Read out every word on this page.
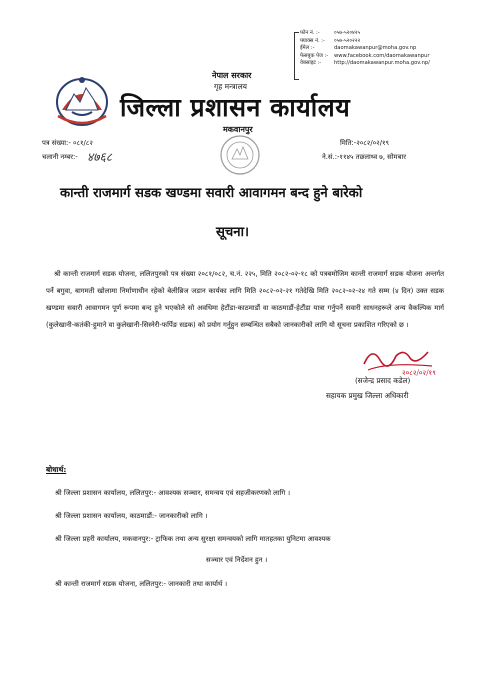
फोन नं. :-	०५७-५२०४२५
फ्याक्स नं. :- ०५७-५२०२२२
ईमेल :-	daomakawanpur@moha.gov.np
फेसबुक पेज :- www.facebook.com/daomakawanpur
वेबसाइट :- http://daomakawanpur.moha.gov.np/
नेपाल सरकार
गृह मन्त्रालय
जिल्ला प्रशासन कार्यालय
मकवानपुर
पत्र संख्या:- ०८१/८२
चलानी नम्बर:- ४७६८
मिति:-२०८२/०२/१९
ने.सं.:-११४५ तछलाथ्व ७, सोमबार
कान्ती राजमार्ग सडक खण्डमा सवारी आवागमन बन्द हुने बारेको
सूचना।
श्री कान्ती राजमार्ग सडक योजना, ललितपुरको पत्र संख्या २०८१/०८२, च.नं. २२५, मिति २०८२-०२-१८ को पत्रबमोजिम कान्ती राजमार्ग सडक योजना अन्तर्गत पर्ने बगुवा, बागमती खोलामा निर्माणाधीन रहेको बेलीब्रिज जडान कार्यका लागि मिति २०८२-०२-२१ गतेदेखि मिति २०८२-०२-२४ गते सम्म (४ दिन) उक्त सडक खण्डमा सवारी आवागमन पूर्ण रूपमा बन्द हुने भएकोले सो अवधिमा हेटौंडा-काठमाडौं वा काठमाडौं-हेटौंडा यात्रा गर्नुपर्ने सवारी साधनहरूले अन्य वैकल्पिक मार्ग (कुलेखानी-कतंकी-हुमाने वा कुलेखानी-सिस्नेरी-फर्पिङ सडक) को प्रयोग गर्नुहुन सम्बन्धित सबैको जानकारीको लागि यो सूचना प्रकाशित गरिएको छ ।
२०८२/०२/१९
(सजेन्द्र प्रसाद कडेल)
सहायक प्रमुख जिल्ला अधिकारी
बोधार्थ:
श्री जिल्ला प्रशासन कार्यालय, ललितपुर:- आवश्यक सञ्चार, समन्वय एवं सहजीकरणको लागि ।
श्री जिल्ला प्रशासन कार्यालय, काठमाडौं:- जानकारीको लागि ।
श्री जिल्ला प्रहरी कार्यालय, मकवानपुर:- ट्राफिक तथा अन्य सुरक्षा समन्वयको लागि मातहतका युनिटमा आवश्यक
सञ्चार एवं निर्देशन हुन ।
श्री कान्ती राजमार्ग सडक योजना, ललितपुर:- जानकारी तथा कार्यार्थ ।
